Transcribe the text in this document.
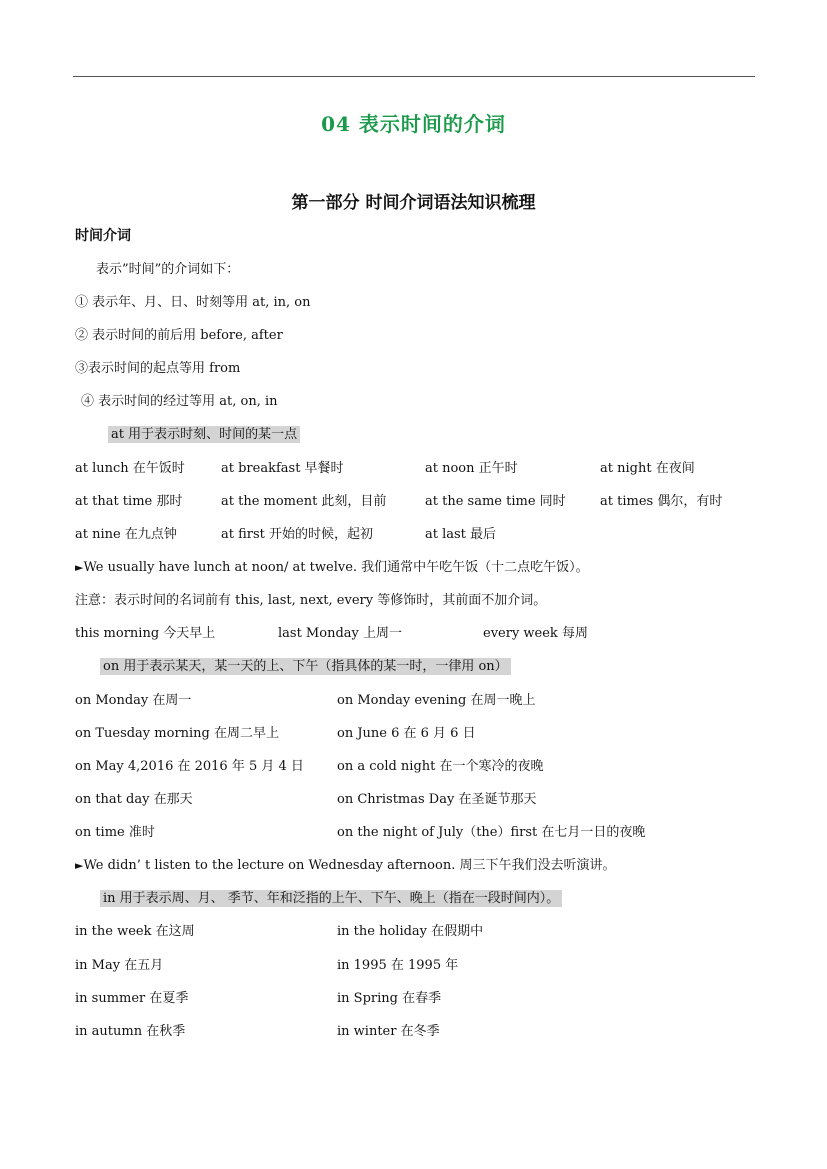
04 表示时间的介词
第一部分 时间介词语法知识梳理
时间介词
表示”时间”的介词如下：
① 表示年、月、日、时刻等用 at, in, on
② 表示时间的前后用 before, after
③表示时间的起点等用 from
④ 表示时间的经过等用 at, on, in
at 用于表示时刻、时间的某一点
at lunch 在午饭时	at breakfast 早餐时	at noon 正午时	at night 在夜间
at that time 那时	at the moment 此刻，目前	at the same time 同时	at times 偶尔，有时
at nine 在九点钟	at first 开始的时候，起初	at last 最后
►We usually have lunch at noon/ at twelve. 我们通常中午吃午饭（十二点吃午饭）。
注意：表示时间的名词前有 this, last, next, every 等修饰时，其前面不加介词。
this morning 今天早上	last Monday 上周一	every week 每周
on 用于表示某天，某一天的上、下午（指具体的某一时，一律用 on）
on Monday 在周一	on Monday evening 在周一晚上
on Tuesday morning 在周二早上	on June 6 在 6 月 6 日
on May 4,2016 在 2016 年 5 月 4 日	on a cold night 在一个寒冷的夜晚
on that day 在那天	on Christmas Day 在圣诞节那天
on time 准时	on the night of July（the）first 在七月一日的夜晚
►We didn’ t listen to the lecture on Wednesday afternoon. 周三下午我们没去听演讲。
in 用于表示周、月、 季节、年和泛指的上午、下午、晚上（指在一段时间内）。
in the week 在这周	in the holiday 在假期中
in May 在五月	in 1995 在 1995 年
in summer 在夏季	in Spring 在春季
in autumn 在秋季	in winter 在冬季
